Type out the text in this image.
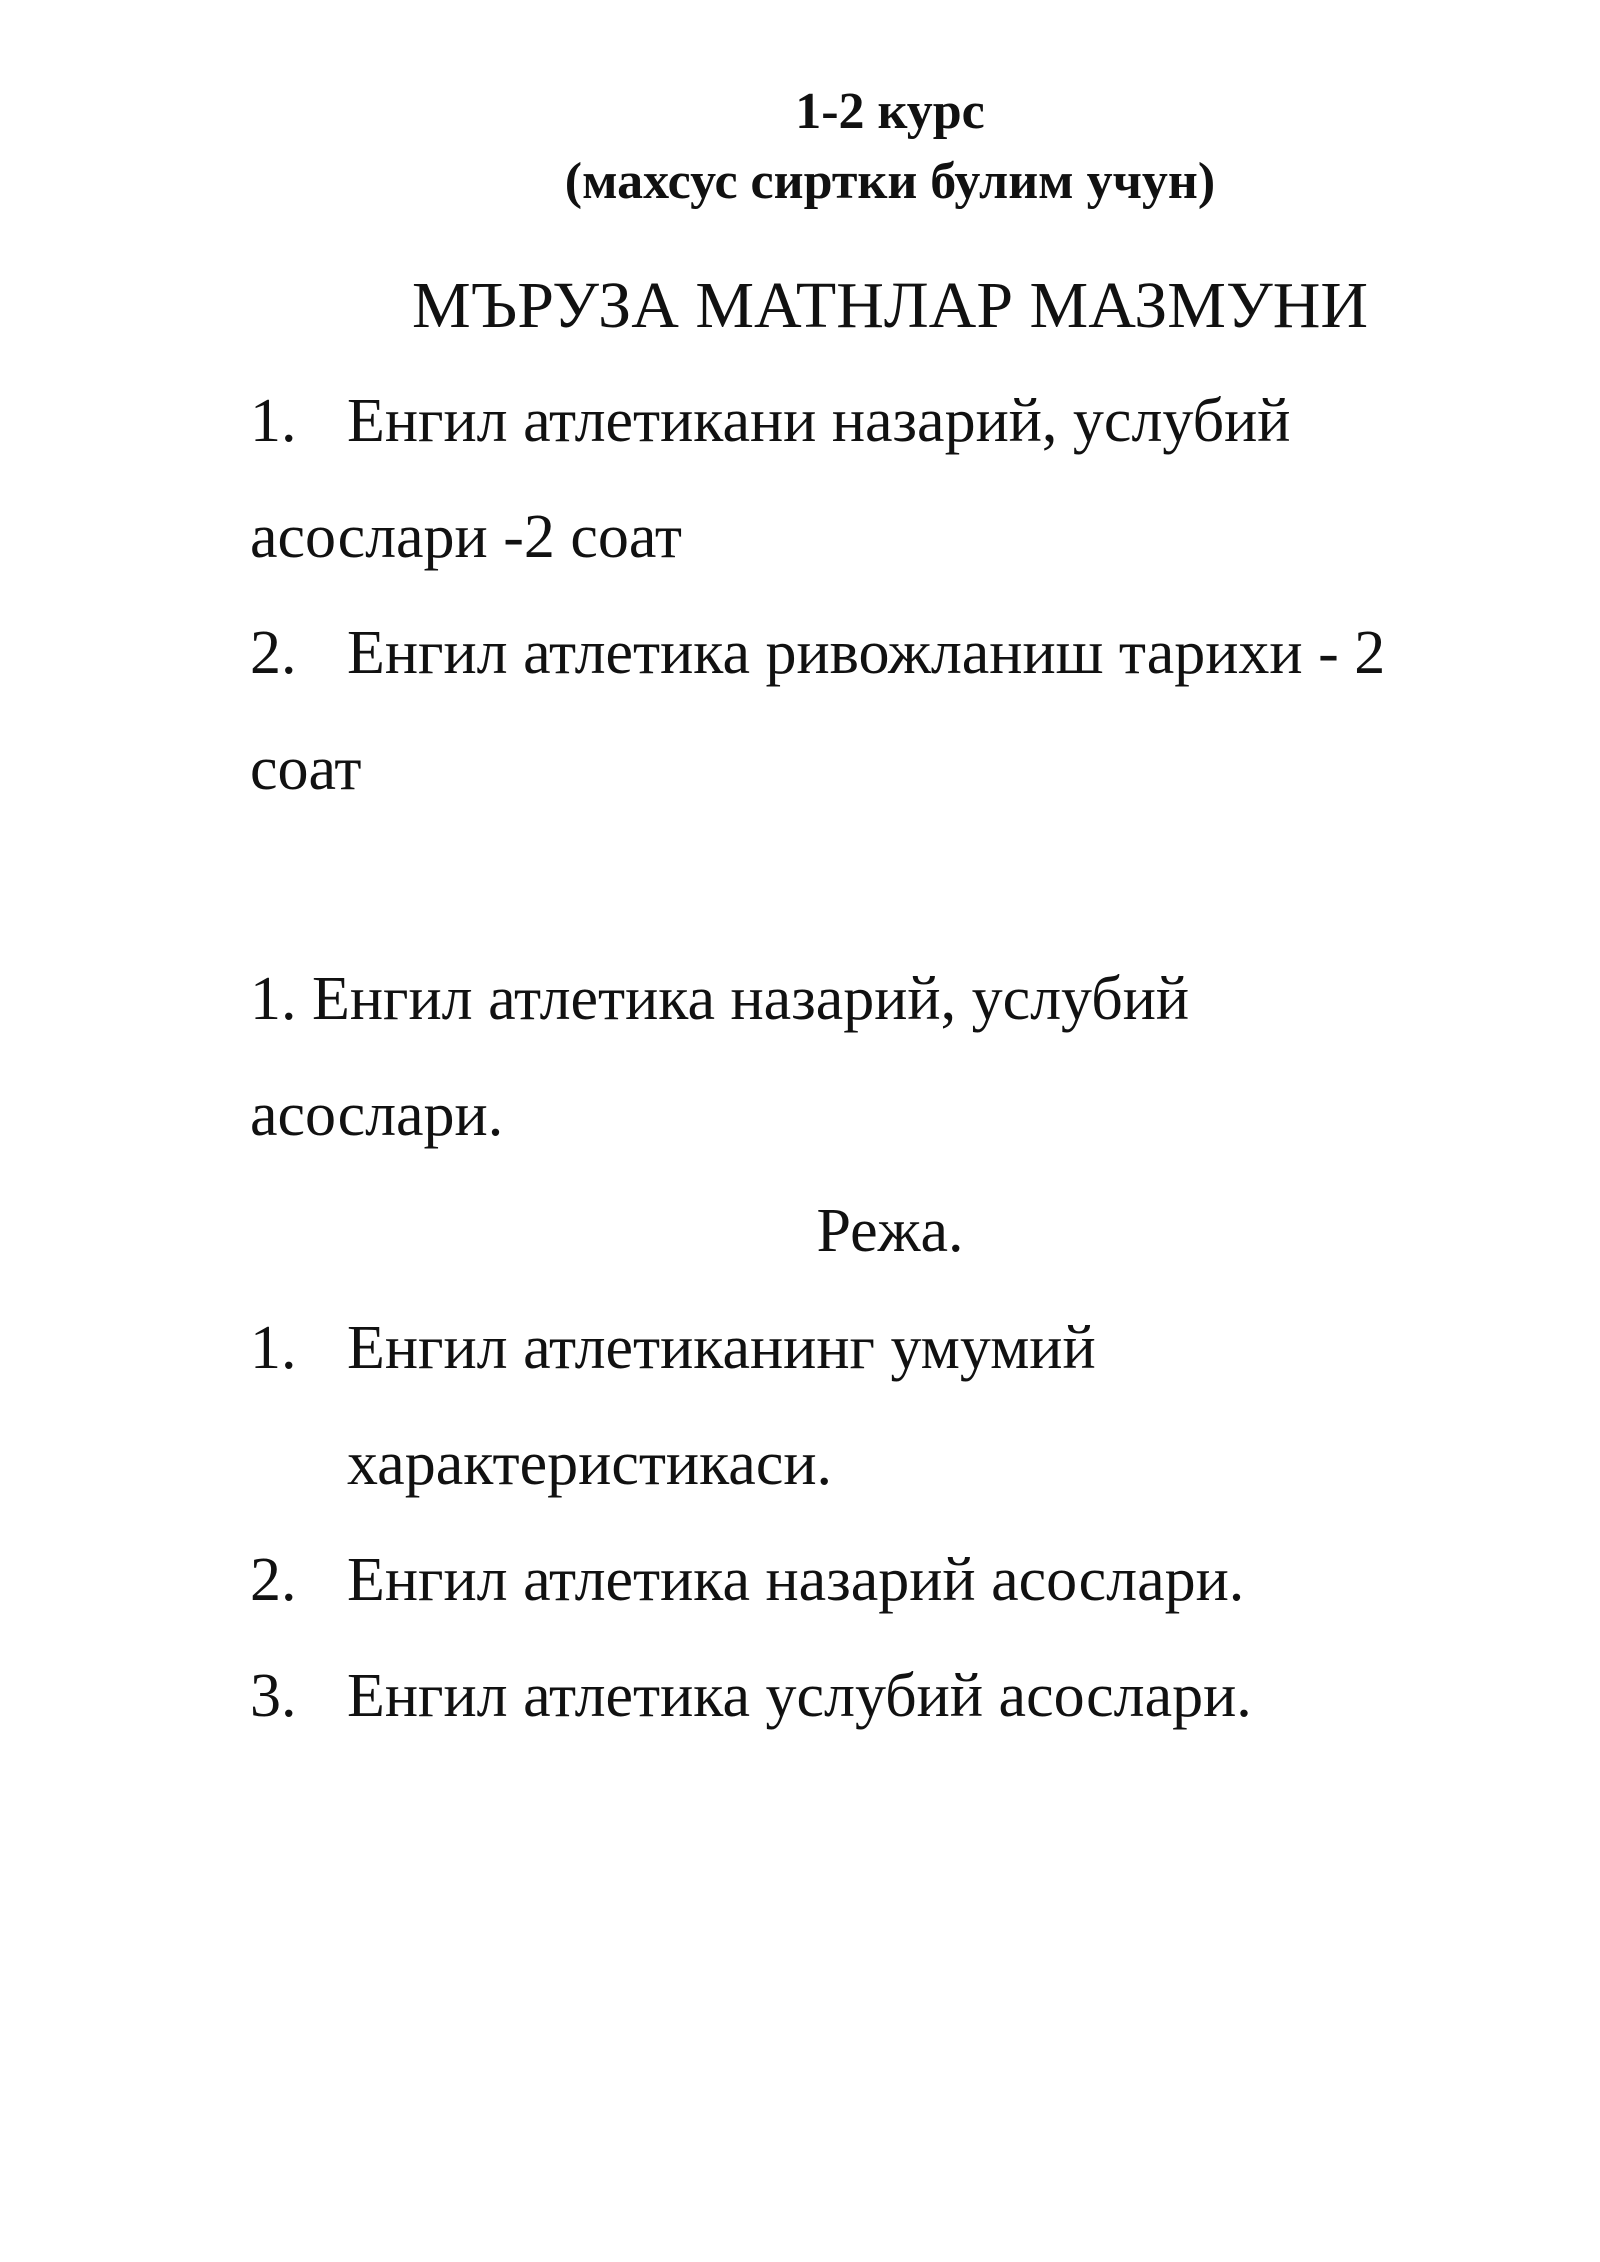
1-2 курс
(махсус сиртки булим учун)
МЪРУЗА МАТНЛАР МАЗМУНИ
1. Енгил атлетикани назарий, услубий
асослари -2 соат
2. Енгил атлетика ривожланиш тарихи - 2
соат
1. Енгил атлетика назарий, услубий
асослари.
Режа.
1. Енгил атлетиканинг умумий
характеристикаси.
2. Енгил атлетика назарий асослари.
3. Енгил атлетика услубий асослари.
